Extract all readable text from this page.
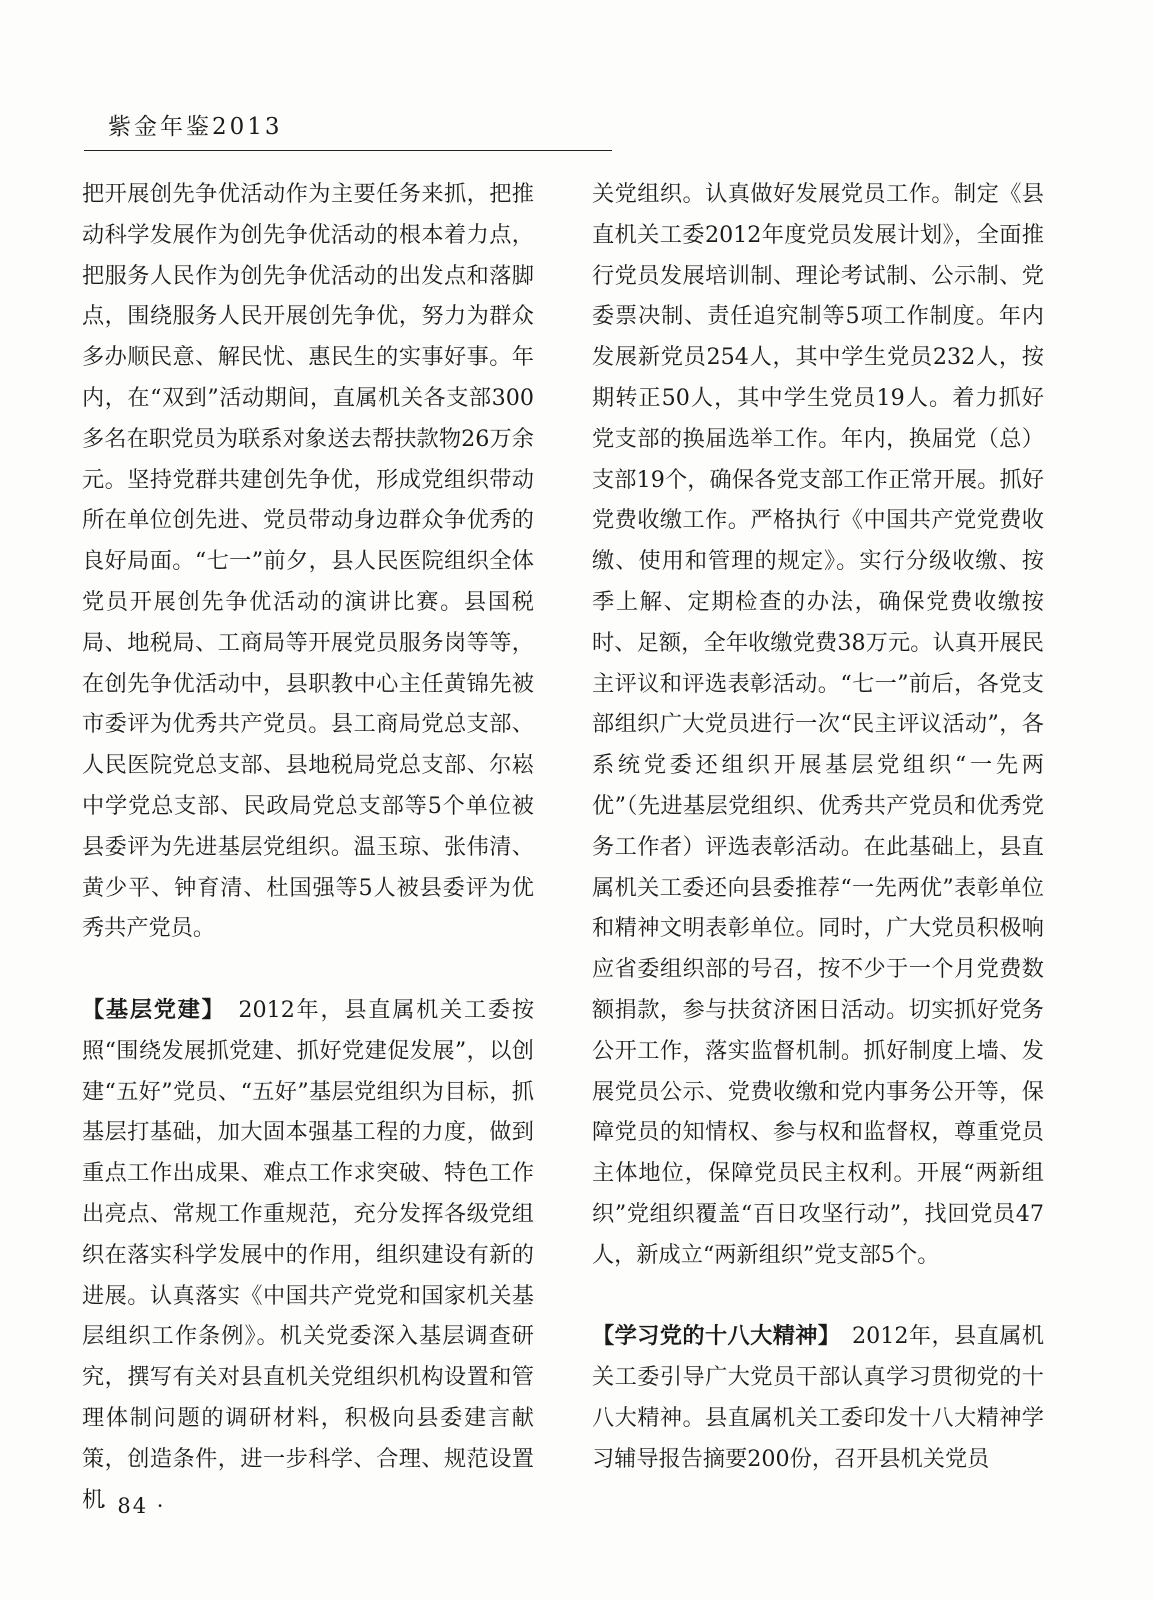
紫金年鉴2013

把开展创先争优活动作为主要任务来抓，把推动科学发展作为创先争优活动的根本着力点，把服务人民作为创先争优活动的出发点和落脚点，围绕服务人民开展创先争优，努力为群众多办顺民意、解民忧、惠民生的实事好事。年内，在“双到”活动期间，直属机关各支部300多名在职党员为联系对象送去帮扶款物26万余元。坚持党群共建创先争优，形成党组织带动所在单位创先进、党员带动身边群众争优秀的良好局面。“七一”前夕，县人民医院组织全体党员开展创先争优活动的演讲比赛。县国税局、地税局、工商局等开展党员服务岗等等，在创先争优活动中，县职教中心主任黄锦先被市委评为优秀共产党员。县工商局党总支部、人民医院党总支部、县地税局党总支部、尔崧中学党总支部、民政局党总支部等5个单位被县委评为先进基层党组织。温玉琼、张伟清、黄少平、钟育清、杜国强等5人被县委评为优秀共产党员。

【基层党建】　 2012年，县直属机关工委按照“围绕发展抓党建、抓好党建促发展”，以创建“五好”党员、“五好”基层党组织为目标，抓基层打基础，加大固本强基工程的力度，做到重点工作出成果、难点工作求突破、特色工作出亮点、常规工作重规范，充分发挥各级党组织在落实科学发展中的作用，组织建设有新的进展。认真落实《中国共产党党和国家机关基层组织工作条例》。机关党委深入基层调查研究，撰写有关对县直机关党组织机构设置和管理体制问题的调研材料，积极向县委建言献策，创造条件，进一步科学、合理、规范设置机

关党组织。认真做好发展党员工作。制定《县直机关工委2012年度党员发展计划》，全面推行党员发展培训制、理论考试制、公示制、党委票决制、责任追究制等5项工作制度。年内发展新党员254人，其中学生党员232人，按期转正50人，其中学生党员19人。着力抓好党支部的换届选举工作。年内，换届党（总）支部19个，确保各党支部工作正常开展。抓好党费收缴工作。严格执行《中国共产党党费收缴、使用和管理的规定》。实行分级收缴、按季上解、定期检查的办法，确保党费收缴按时、足额，全年收缴党费38万元。认真开展民主评议和评选表彰活动。“七一”前后，各党支部组织广大党员进行一次“民主评议活动”，各系统党委还组织开展基层党组织“一先两优”（先进基层党组织、优秀共产党员和优秀党务工作者）评选表彰活动。在此基础上，县直属机关工委还向县委推荐“一先两优”表彰单位和精神文明表彰单位。同时，广大党员积极响应省委组织部的号召，按不少于一个月党费数额捐款，参与扶贫济困日活动。切实抓好党务公开工作，落实监督机制。抓好制度上墙、发展党员公示、党费收缴和党内事务公开等，保障党员的知情权、参与权和监督权，尊重党员主体地位，保障党员民主权利。开展“两新组织”党组织覆盖“百日攻坚行动”，找回党员47人，新成立“两新组织”党支部5个。

【学习党的十八大精神】　 2012年，县直属机关工委引导广大党员干部认真学习贯彻党的十八大精神。县直属机关工委印发十八大精神学习辅导报告摘要200份，召开县机关党员

· 84 ·
